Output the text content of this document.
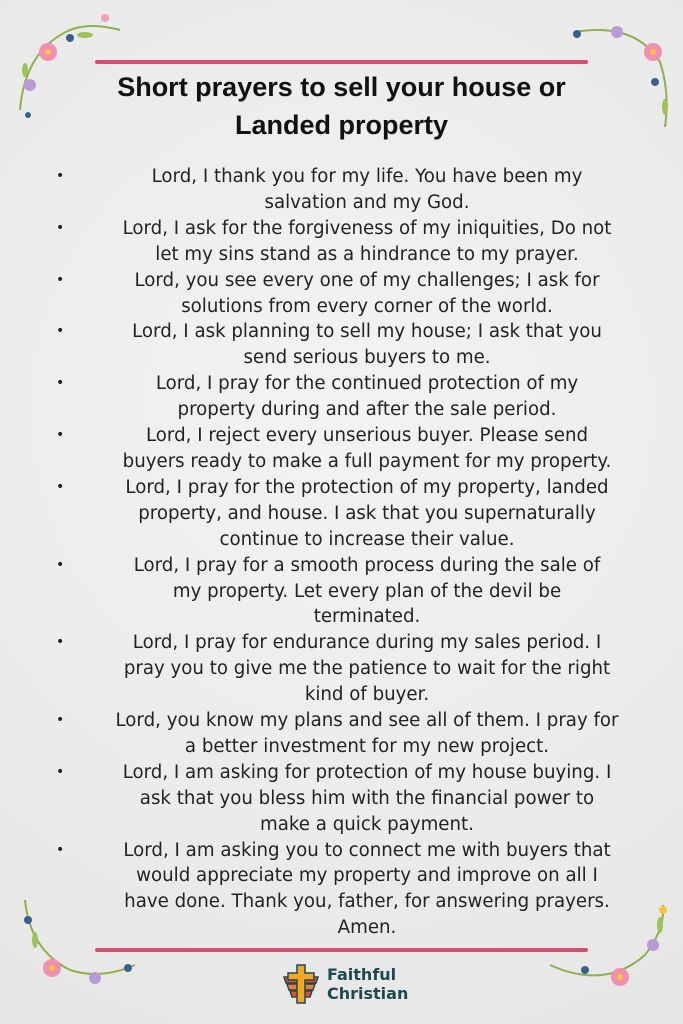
Short prayers to sell your house or
Landed property
•	Lord, I thank you for my life. You have been my
salvation and my God.
•	Lord, I ask for the forgiveness of my iniquities, Do not
let my sins stand as a hindrance to my prayer.
•	Lord, you see every one of my challenges; I ask for
solutions from every corner of the world.
•	Lord, I ask planning to sell my house; I ask that you
send serious buyers to me.
•	Lord, I pray for the continued protection of my
property during and after the sale period.
•	Lord, I reject every unserious buyer. Please send
buyers ready to make a full payment for my property.
•	Lord, I pray for the protection of my property, landed
property, and house. I ask that you supernaturally
continue to increase their value.
•	Lord, I pray for a smooth process during the sale of
my property. Let every plan of the devil be
terminated.
•	Lord, I pray for endurance during my sales period. I
pray you to give me the patience to wait for the right
kind of buyer.
•	Lord, you know my plans and see all of them. I pray for
a better investment for my new project.
•	Lord, I am asking for protection of my house buying. I
ask that you bless him with the financial power to
make a quick payment.
•	Lord, I am asking you to connect me with buyers that
would appreciate my property and improve on all I
have done. Thank you, father, for answering prayers.
Amen.
Faithful
Christian
